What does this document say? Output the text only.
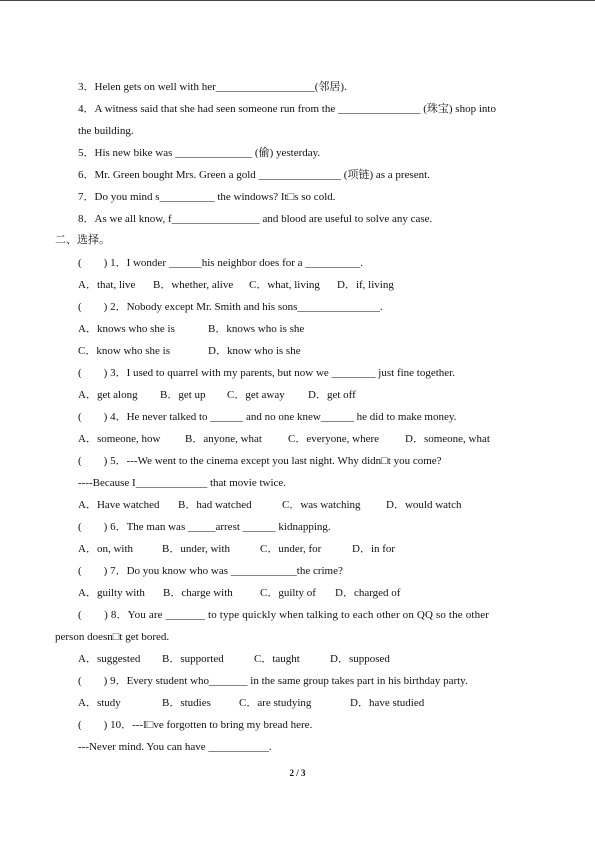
3．Helen gets on well with her__________________(邻居).
4．A witness said that she had seen someone run from the _______________ (珠宝) shop into
the building.
5．His new bike was ______________ (偷) yesterday.
6．Mr. Green bought Mrs. Green a gold _______________ (项链) as a present.
7．Do you mind s__________ the windows? It□s so cold.
8．As we all know, f________________ and blood are useful to solve any case.
二、选择。
(　　) 1．I wonder ______his neighbor does for a __________.
A．that, live B．whether, alive C．what, living D．if, living
(　　) 2．Nobody except Mr. Smith and his sons_______________.
A．knows who she is	B．knows who is she
C．know who she is	D．know who is she
(　　) 3．I used to quarrel with my parents, but now we ________ just fine together.
A．get along B．get up C．get away D．get off
(　　) 4．He never talked to ______ and no one knew______ he did to make money.
A．someone, how B．anyone, what C．everyone, where D．someone, what
(　　) 5．---We went to the cinema except you last night. Why didn□t you come?
----Because I_____________ that movie twice.
A．Have watched B．had watched	C．was watching D．would watch
(　　) 6．The man was _____arrest ______ kidnapping.
A．on, with	B．under, with	C．under, for	D．in for
(　　) 7．Do you know who was ____________the crime?
A．guilty with B．charge with C．guilty of D．charged of
(　　) 8．You are _______ to type quickly when talking to each other on QQ so the other
person doesn□t get bored.
A．suggested B．supported	C．taught	D．supposed
(　　) 9．Every student who_______ in the same group takes part in his birthday party.
A．study	B．studies	C．are studying	D．have studied
(　　) 10．---I□ve forgotten to bring my bread here.
---Never mind. You can have ___________.
2 / 3
